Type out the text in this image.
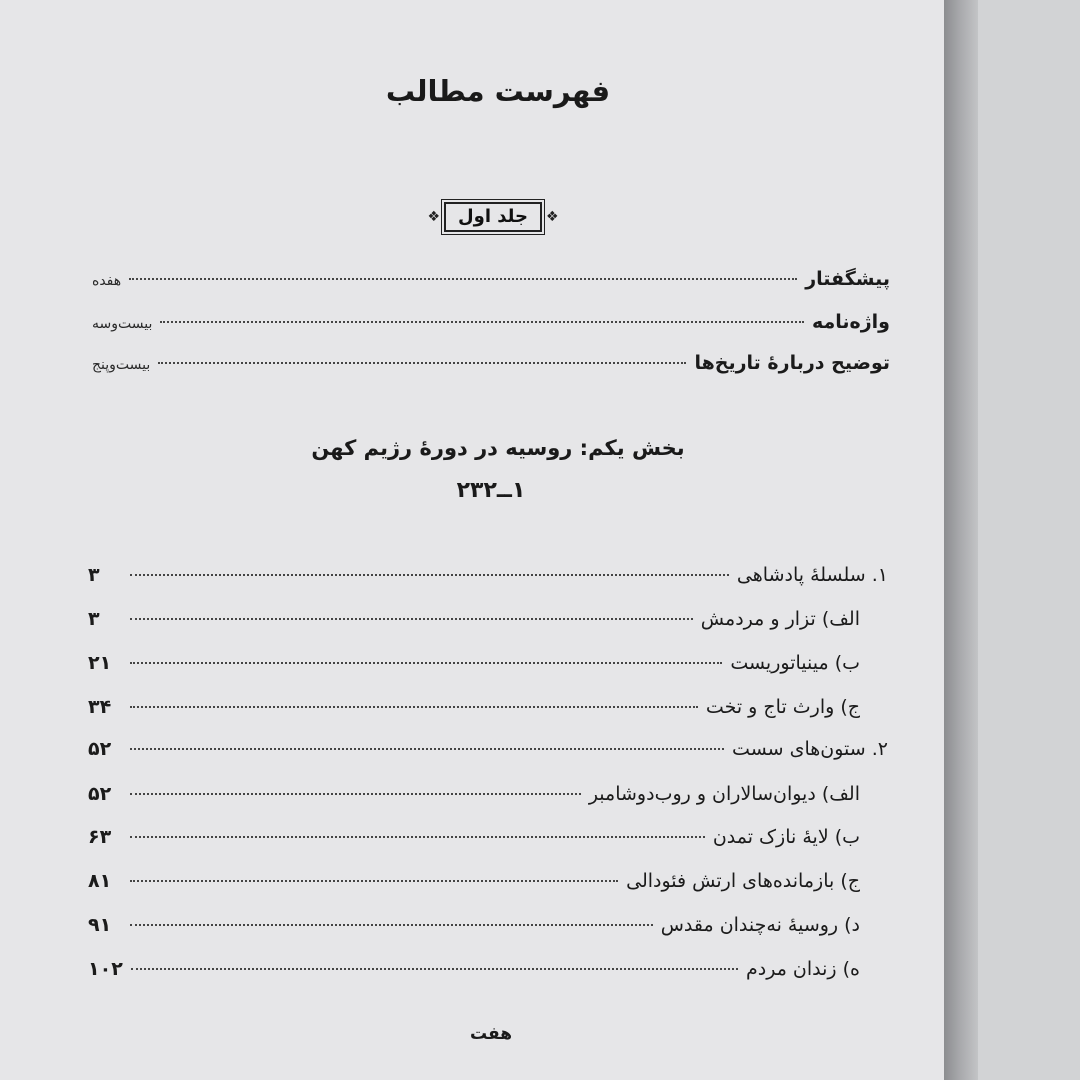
فهرست مطالب
❖
جلد اول
❖
پیشگفتار
هفده
واژه‌نامه
بیست‌وسه
توضیح دربارهٔ تاریخ‌ها
بیست‌وپنج
بخش یکم: روسیه در دورهٔ رژیم کهن
۱ــ۲۳۲
۱. سلسلهٔ پادشاهی
۳
الف) تزار و مردمش
۳
ب) مینیاتوریست
۲۱
ج) وارث تاج و تخت
۳۴
۲. ستون‌های سست
۵۲
الف) دیوان‌سالاران و روب‌دوشامبر
۵۲
ب) لایهٔ نازک تمدن
۶۳
ج) بازمانده‌های ارتش فئودالی
۸۱
د) روسیهٔ نه‌چندان مقدس
۹۱
ه) زندان مردم
۱۰۲
هفت
